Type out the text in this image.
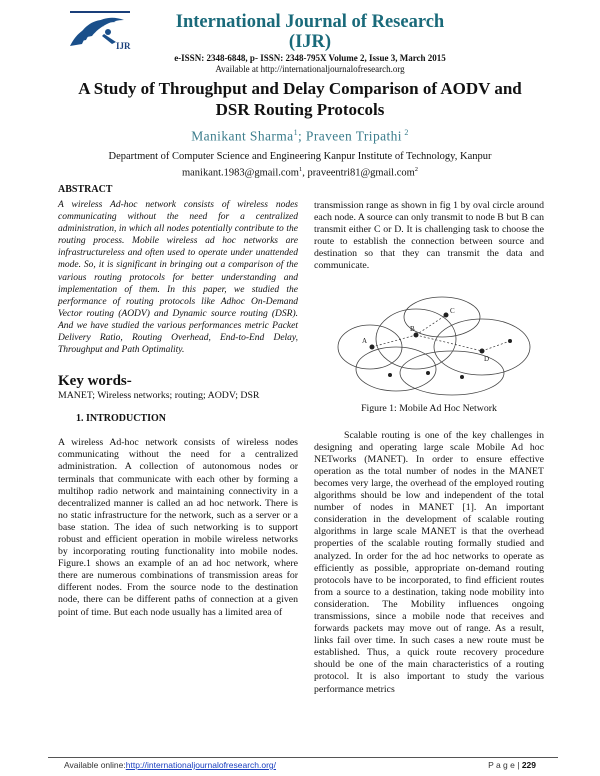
IJR
International Journal of Research (IJR)
e-ISSN: 2348-6848, p- ISSN: 2348-795X Volume 2, Issue 3, March 2015
Available at http://internationaljournalofresearch.org
A Study of Throughput and Delay Comparison of AODV and
DSR Routing Protocols
Manikant Sharma$^1$; Praveen Tripathi $^2$
Department of Computer Science and Engineering Kanpur Institute of Technology, Kanpur
manikant.1983@gmail.com$^1$, praveentri81@gmail.com$^2$
ABSTRACT
A wireless Ad-hoc network consists of wireless nodes communicating without the need for a centralized administration, in which all nodes potentially contribute to the routing process. Mobile wireless ad hoc networks are infrastructureless and often used to operate under unattended mode. So, it is significant in bringing out a comparison of the various routing protocols for better understanding and implementation of them. In this paper, we studied the performance of routing protocols like Adhoc On-Demand Vector routing (AODV) and Dynamic source routing (DSR). And we have studied the various performances metric Packet Delivery Ratio, Routing Overhead, End-to-End Delay, Throughput and Path Optimality.
Key words-
MANET; Wireless networks; routing; AODV; DSR
1. INTRODUCTION
A wireless Ad-hoc network consists of wireless nodes communicating without the need for a centralized administration. A collection of autonomous nodes or terminals that communicate with each other by forming a multihop radio network and maintaining connectivity in a decentralized manner is called an ad hoc network. There is no static infrastructure for the network, such as a server or a base station. The idea of such networking is to support robust and efficient operation in mobile wireless networks by incorporating routing functionality into mobile nodes. Figure.1 shows an example of an ad hoc network, where there are numerous combinations of transmission areas for different nodes. From the source node to the destination node, there can be different paths of connection at a given point of time. But each node usually has a limited area of
transmission range as shown in fig 1 by oval circle around each node. A source can only transmit to node B but B can transmit either C or D. It is challenging task to choose the route to establish the connection between source and destination so that they can transmit the data and communicate.
A
B
C
D
Figure 1: Mobile Ad Hoc Network
Scalable routing is one of the key challenges in designing and operating large scale Mobile Ad hoc NETworks (MANET). In order to ensure effective operation as the total number of nodes in the MANET becomes very large, the overhead of the employed routing algorithms should be low and independent of the total number of nodes in MANET [1]. An important consideration in the development of scalable routing algorithms in large scale MANET is that the overhead properties of the scalable routing formally studied and analyzed. In order for the ad hoc networks to operate as efficiently as possible, appropriate on-demand routing protocols have to be incorporated, to find efficient routes from a source to a destination, taking node mobility into consideration. The Mobility influences ongoing transmissions, since a mobile node that receives and forwards packets may move out of range. As a result, links fail over time. In such cases a new route must be established. Thus, a quick route recovery procedure should be one of the main characteristics of a routing protocol. It is also important to study the various performance metrics
Available online:http://internationaljournalofresearch.org/	P a g e | 229
